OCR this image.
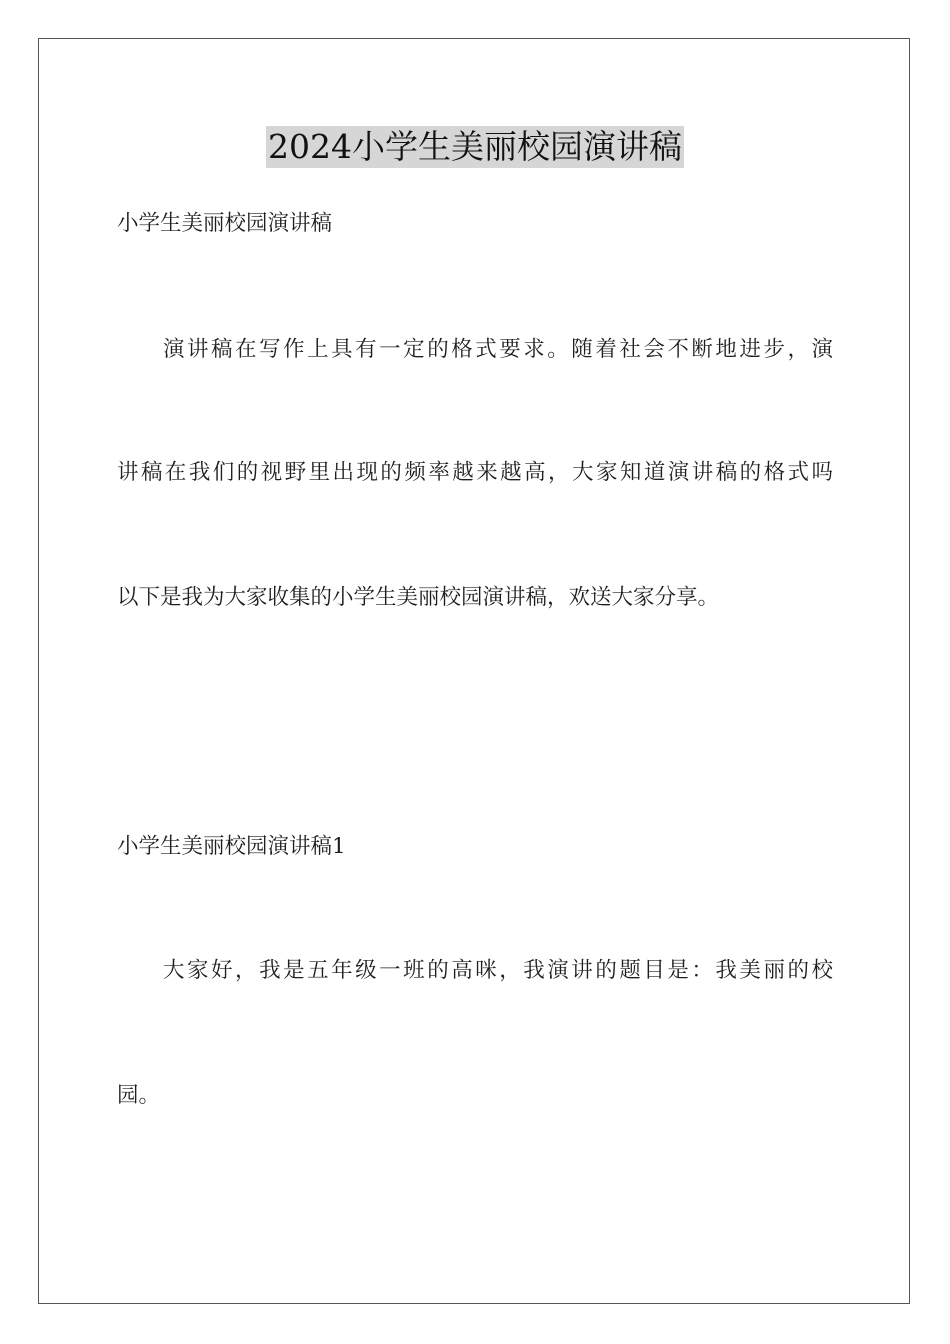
2024小学生美丽校园演讲稿
小学生美丽校园演讲稿
演讲稿在写作上具有一定的格式要求。随着社会不断地进步，演
讲稿在我们的视野里出现的频率越来越高，大家知道演讲稿的格式吗
以下是我为大家收集的小学生美丽校园演讲稿，欢送大家分享。
小学生美丽校园演讲稿1
大家好，我是五年级一班的高咪，我演讲的题目是：我美丽的校
园。
